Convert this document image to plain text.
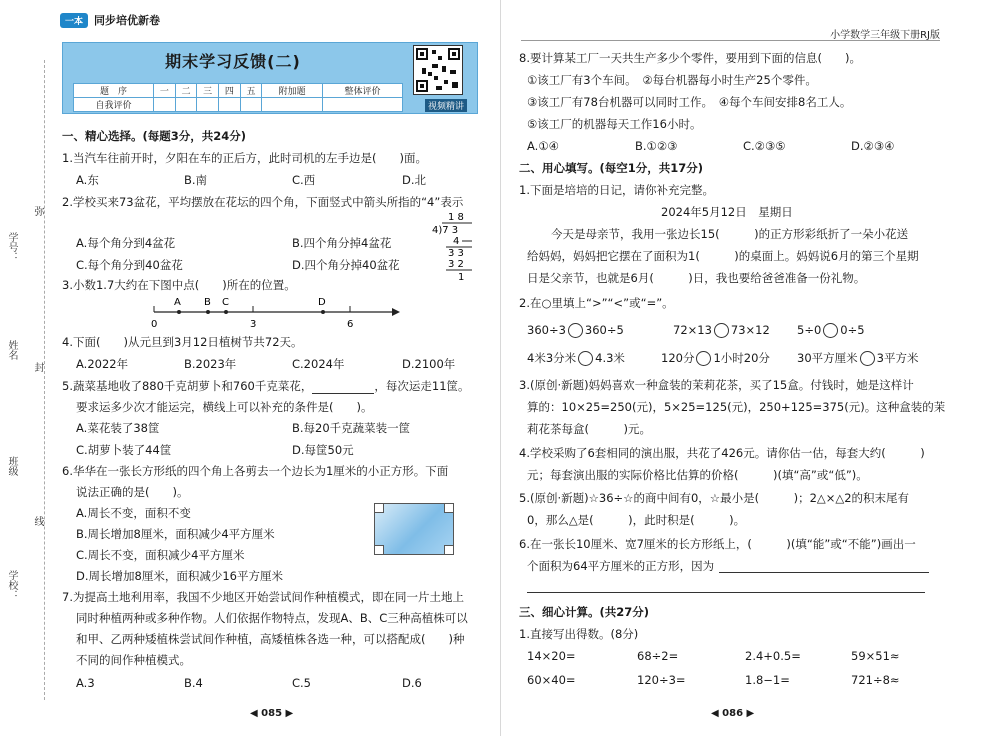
一本	同步培优新卷
学号：
姓名
班级
学校：
弥
封
线
期末学习反馈(二)
视频精讲
题　序	一	二	三	四	五	附加题	整体评价
自我评价							
一、精心选择。(每题3分，共24分)
1.当汽车往前开时，夕阳在车的正后方，此时司机的左手边是(　　)面。
A.东	B.南	C.西	D.北
2.学校买来73盆花，平均摆放在花坛的四个角，下面竖式中箭头所指的“4”表示
A.每个角分到4盆花	B.四个角分掉4盆花
C.每个角分到40盆花	D.四个角分掉40盆花
1 8
4)7 3
4
3 3
3 2
1
3.小数1.7大约在下图中点(　　)所在的位置。
A B C	D
0	3	6
4.下面(　　)从元旦到3月12日植树节共72天。
A.2022年	B.2023年	C.2024年	D.2100年
5.蔬菜基地收了880千克胡萝卜和760千克菜花，	，每次运走11筐。
要求运多少次才能运完，横线上可以补充的条件是(　　)。
A.菜花装了38筐	B.每20千克蔬菜装一筐
C.胡萝卜装了44筐	D.每筐50元
6.华华在一张长方形纸的四个角上各剪去一个边长为1厘米的小正方形。下面
说法正确的是(　　)。
A.周长不变，面积不变
B.周长增加8厘米，面积减少4平方厘米
C.周长不变，面积减少4平方厘米
D.周长增加8厘米，面积减少16平方厘米
7.为提高土地利用率，我国不少地区开始尝试间作种植模式，即在同一片土地上
同时种植两种或多种作物。人们依据作物特点，发现A、B、C三种高植株可以
和甲、乙两种矮植株尝试间作种植，高矮植株各选一种，可以搭配成(　　)种
不同的间作种植模式。
A.3	B.4	C.5	D.6
◀ 085 ▶
小学数学三年级下册RJ版
8.要计算某工厂一天共生产多少个零件，要用到下面的信息(　　)。
①该工厂有3个车间。　②每台机器每小时生产25个零件。
③该工厂有78台机器可以同时工作。　④每个车间安排8名工人。
⑤该工厂的机器每天工作16小时。
A.①④	B.①②③	C.②③⑤	D.②③④
二、用心填写。(每空1分，共17分)
1.下面是培培的日记，请你补充完整。
2024年5月12日　星期日
今天是母亲节，我用一张边长15(　　　)的正方形彩纸折了一朵小花送
给妈妈，妈妈把它摆在了面积为1(　　　)的桌面上。妈妈说6月的第三个星期
日是父亲节，也就是6月(　　　)日，我也要给爸爸准备一份礼物。
2.在○里填上“>”“<”或“=”。
360÷3 360÷5	72×13 73×12 5÷0 0÷5
4米3分米 4.3米	120分 1小时20分 30平方厘米 3平方米
3.(原创·新题)妈妈喜欢一种盒装的茉莉花茶，买了15盒。付钱时，她是这样计
算的：10×25=250(元)，5×25=125(元)，250+125=375(元)。这种盒装的茉
莉花茶每盒(　　　)元。
4.学校采购了6套相同的演出服，共花了426元。请你估一估，每套大约(　　　)
元；每套演出服的实际价格比估算的价格(　　　)(填“高”或“低”)。
5.(原创·新题)☆36÷☆的商中间有0，☆最小是(　　　)；2△×△2的积末尾有
0，那么△是(　　　)，此时积是(　　　)。
6.在一张长10厘米、宽7厘米的长方形纸上，(　　　)(填“能”或“不能”)画出一
个面积为64平方厘米的正方形，因为
三、细心计算。(共27分)
1.直接写出得数。(8分)
14×20=	68÷2=	2.4+0.5=	59×51≈
60×40=	120÷3=	1.8−1=	721÷8≈
◀ 086 ▶
